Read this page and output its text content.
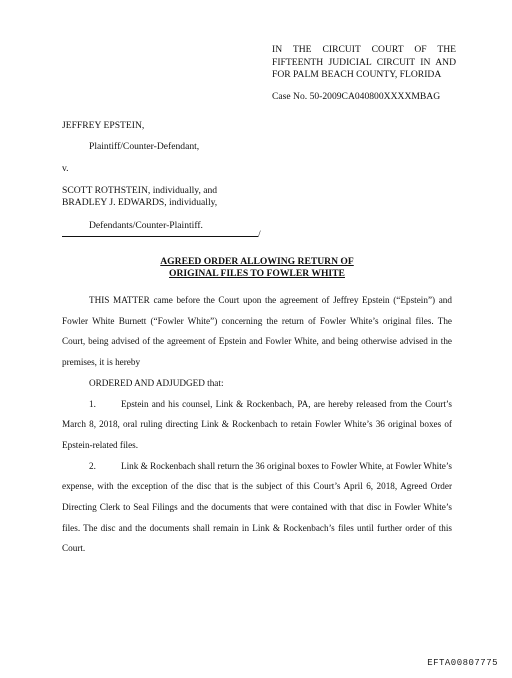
IN THE CIRCUIT COURT OF THE FIFTEENTH JUDICIAL CIRCUIT IN AND FOR PALM BEACH COUNTY, FLORIDA
Case No. 50-2009CA040800XXXXMBAG
JEFFREY EPSTEIN,
Plaintiff/Counter-Defendant,
v.
SCOTT ROTHSTEIN, individually, and
BRADLEY J. EDWARDS, individually,
Defendants/Counter-Plaintiff.
/
AGREED ORDER ALLOWING RETURN OF
ORIGINAL FILES TO FOWLER WHITE

THIS MATTER came before the Court upon the agreement of Jeffrey Epstein (“Epstein”) and Fowler White Burnett (“Fowler White”) concerning the return of Fowler White’s original files. The Court, being advised of the agreement of Epstein and Fowler White, and being otherwise advised in the premises, it is hereby

ORDERED AND ADJUDGED that:

1.	Epstein and his counsel, Link & Rockenbach, PA, are hereby released from the Court’s March 8, 2018, oral ruling directing Link & Rockenbach to retain Fowler White’s 36 original boxes of Epstein-related files.

2.	Link & Rockenbach shall return the 36 original boxes to Fowler White, at Fowler White’s expense, with the exception of the disc that is the subject of this Court’s April 6, 2018, Agreed Order Directing Clerk to Seal Filings and the documents that were contained with that disc in Fowler White’s files. The disc and the documents shall remain in Link & Rockenbach’s files until further order of this Court.

EFTA00807775
